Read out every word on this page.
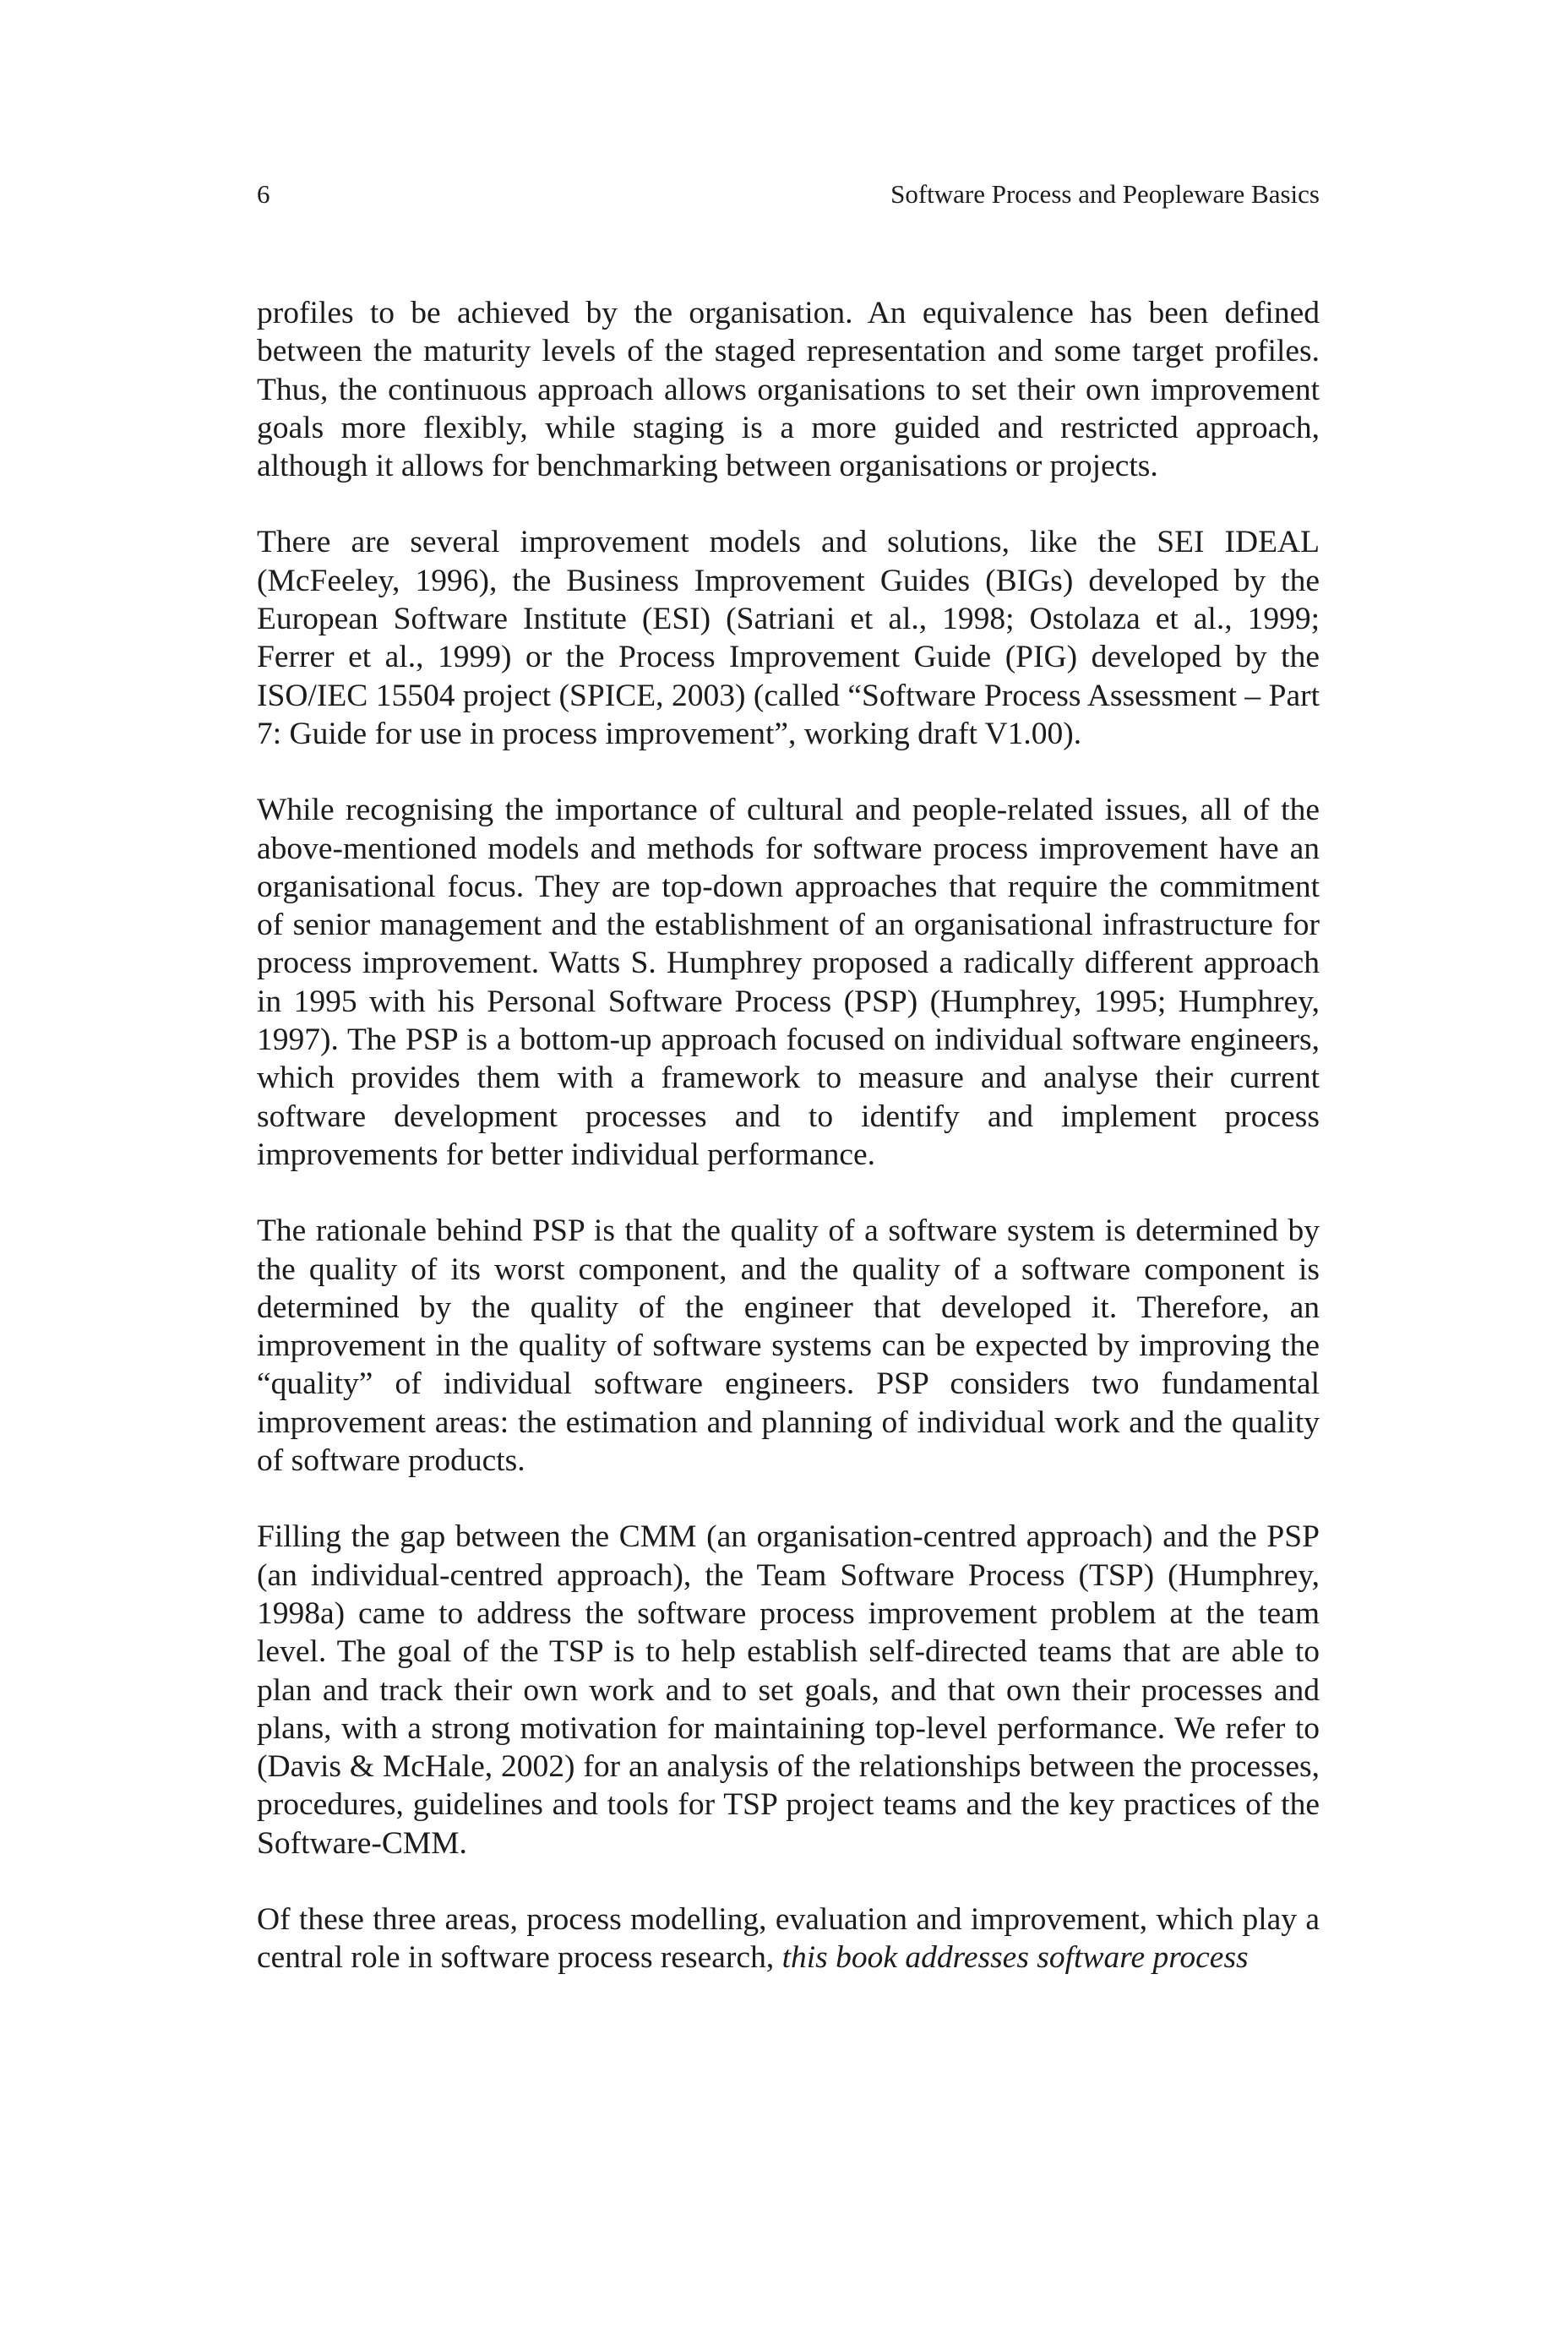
6	Software Process and Peopleware Basics

profiles to be achieved by the organisation. An equivalence has been defined between the maturity levels of the staged representation and some target profiles. Thus, the continuous approach allows organisations to set their own improvement goals more flexibly, while staging is a more guided and restricted approach, although it allows for benchmarking between organisations or projects.

There are several improvement models and solutions, like the SEI IDEAL (McFeeley, 1996), the Business Improvement Guides (BIGs) developed by the European Software Institute (ESI) (Satriani et al., 1998; Ostolaza et al., 1999; Ferrer et al., 1999) or the Process Improvement Guide (PIG) developed by the ISO/IEC 15504 project (SPICE, 2003) (called “Software Process Assessment – Part 7: Guide for use in process improvement”, working draft V1.00).

While recognising the importance of cultural and people-related issues, all of the above-mentioned models and methods for software process improvement have an organisational focus. They are top-down approaches that require the commitment of senior management and the establishment of an organisational infrastructure for process improvement. Watts S. Humphrey proposed a radically different approach in 1995 with his Personal Software Process (PSP) (Humphrey, 1995; Humphrey, 1997). The PSP is a bottom-up approach focused on individual software engineers, which provides them with a framework to measure and analyse their current software development processes and to identify and implement process improvements for better individual performance.

The rationale behind PSP is that the quality of a software system is determined by the quality of its worst component, and the quality of a software component is determined by the quality of the engineer that developed it. Therefore, an improvement in the quality of software systems can be expected by improving the “quality” of individual software engineers. PSP considers two fundamental improvement areas: the estimation and planning of individual work and the quality of software products.

Filling the gap between the CMM (an organisation-centred approach) and the PSP (an individual-centred approach), the Team Software Process (TSP) (Humphrey, 1998a) came to address the software process improvement problem at the team level. The goal of the TSP is to help establish self-directed teams that are able to plan and track their own work and to set goals, and that own their processes and plans, with a strong motivation for maintaining top-level performance. We refer to (Davis & McHale, 2002) for an analysis of the relationships between the processes, procedures, guidelines and tools for TSP project teams and the key practices of the Software-CMM.

Of these three areas, process modelling, evaluation and improvement, which play a central role in software process research, this book addresses software process
